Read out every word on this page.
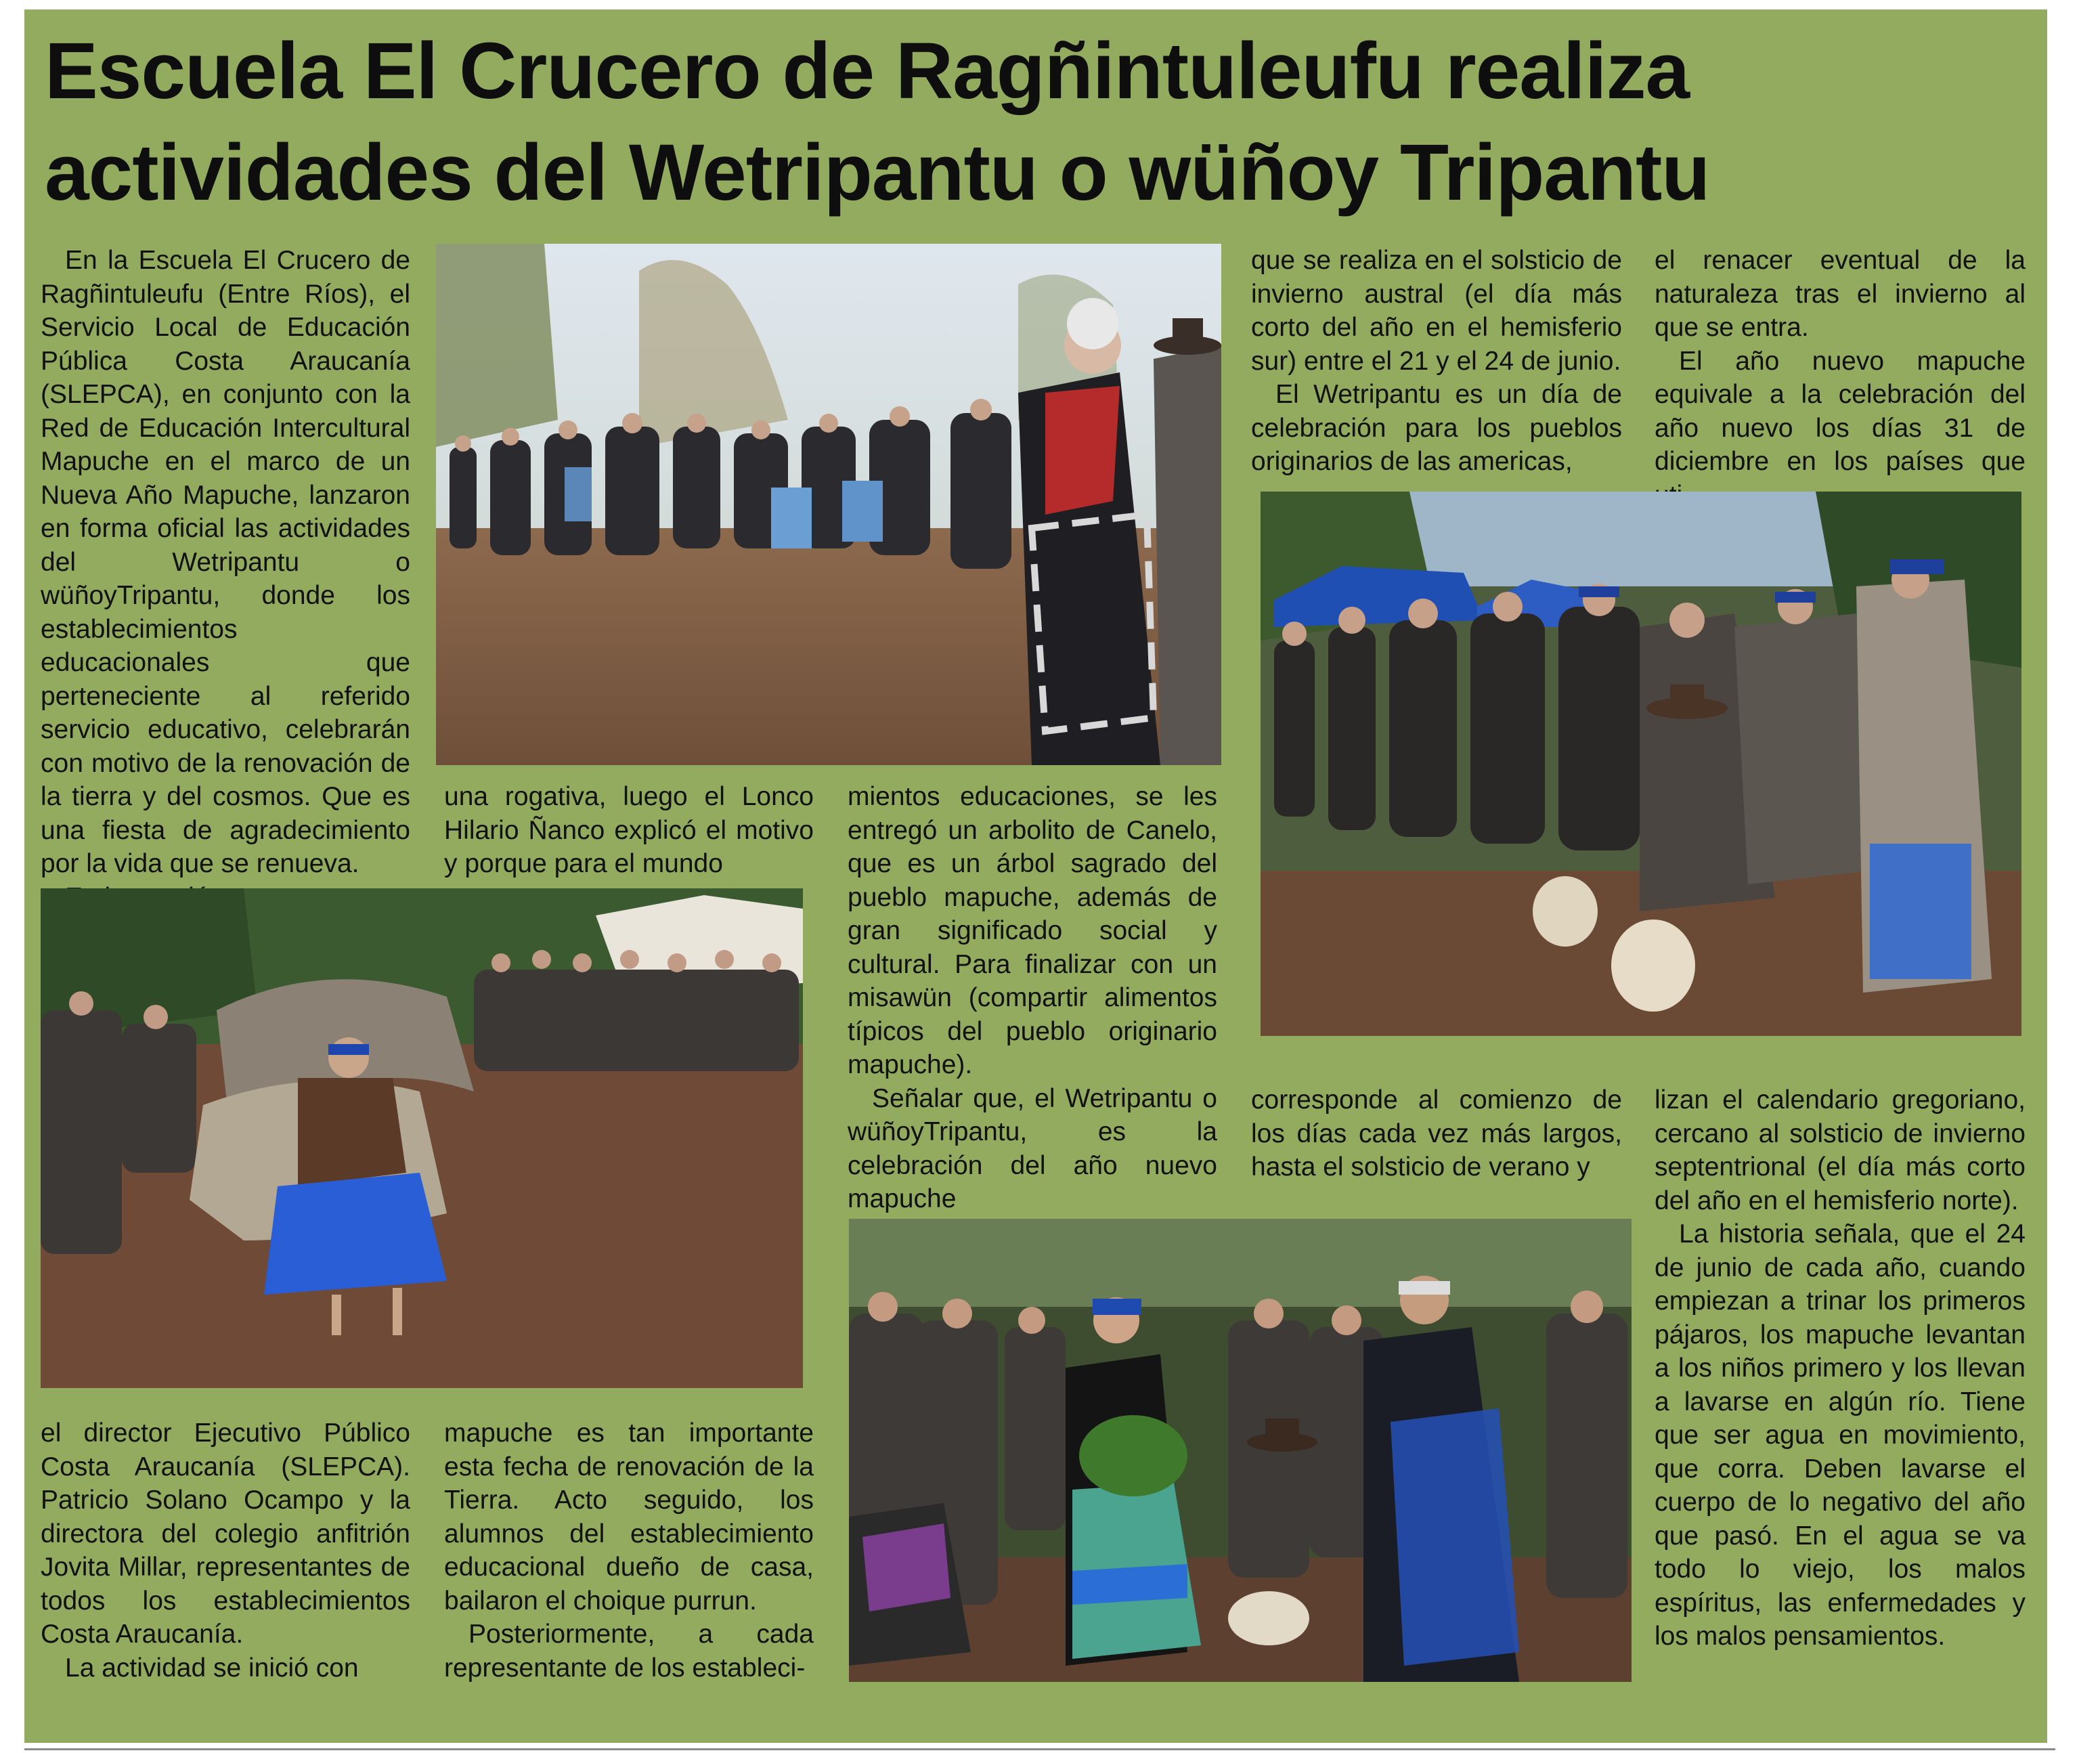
Escuela El Crucero de Ragñintuleufu realiza actividades del Wetripantu o wüñoy Tripantu

En la Escuela El Crucero de Ragñintuleufu (Entre Ríos), el Servicio Local de Educación Pública Costa Araucanía (SLEPCA), en conjunto con la Red de Educación Intercultural Mapuche en el marco de un Nueva Año Mapuche, lanzaron en forma oficial las actividades del Wetripantu o wüñoyTripantu, donde los establecimientos educacionales que perteneciente al referido servicio educativo, celebrarán con motivo de la renovación de la tierra y del cosmos. Que es una fiesta de agradecimiento por la vida que se renueva.

que se realiza en el solsticio de invierno austral (el día más corto del año en el hemisferio sur) entre el 21 y el 24 de junio.

El Wetripantu es un día de celebración para los pueblos originarios de las americas,

el renacer eventual de la naturaleza tras el invierno al que se entra.

El año nuevo mapuche equivale a la celebración del año nuevo los días 31 de diciembre en los países que

mientos educaciones, se les entregó un arbolito de Canelo, que es un árbol sagrado del pueblo mapuche, además de gran significado social y cultural. Para finalizar con un misawün (compartir alimentos típicos del pueblo originario mapuche).

Señalar que, el Wetripantu o wüñoyTripantu, es la celebración del año nuevo mapuche

una rogativa, luego el Lonco Hilario Ñanco explicó el motivo y porque para el mundo

corresponde al comienzo de los días cada vez más largos, hasta el solsticio de verano y

lizan el calendario gregoriano, cercano al solsticio de invierno septentrional (el día más corto del año en el hemisferio norte).

La historia señala, que el 24 de junio de cada año, cuando empiezan a trinar los primeros pájaros, los mapuche levantan a los niños primero y los llevan a lavarse en algún río. Tiene que ser agua en movimiento, que corra. Deben lavarse el cuerpo de lo negativo del año que pasó. En el agua se va todo lo viejo, los malos espíritus, las enfermedades y los malos pensamientos.

el director Ejecutivo Público Costa Araucanía (SLEPCA). Patricio Solano Ocampo y la directora del colegio anfitrión Jovita Millar, representantes de todos los establecimientos Costa Araucanía.

La actividad se inició con

mapuche es tan importante esta fecha de renovación de la Tierra. Acto seguido, los alumnos del establecimiento educacional dueño de casa, bailaron el choique purrun.

Posteriormente, a cada representante de los estableci-
